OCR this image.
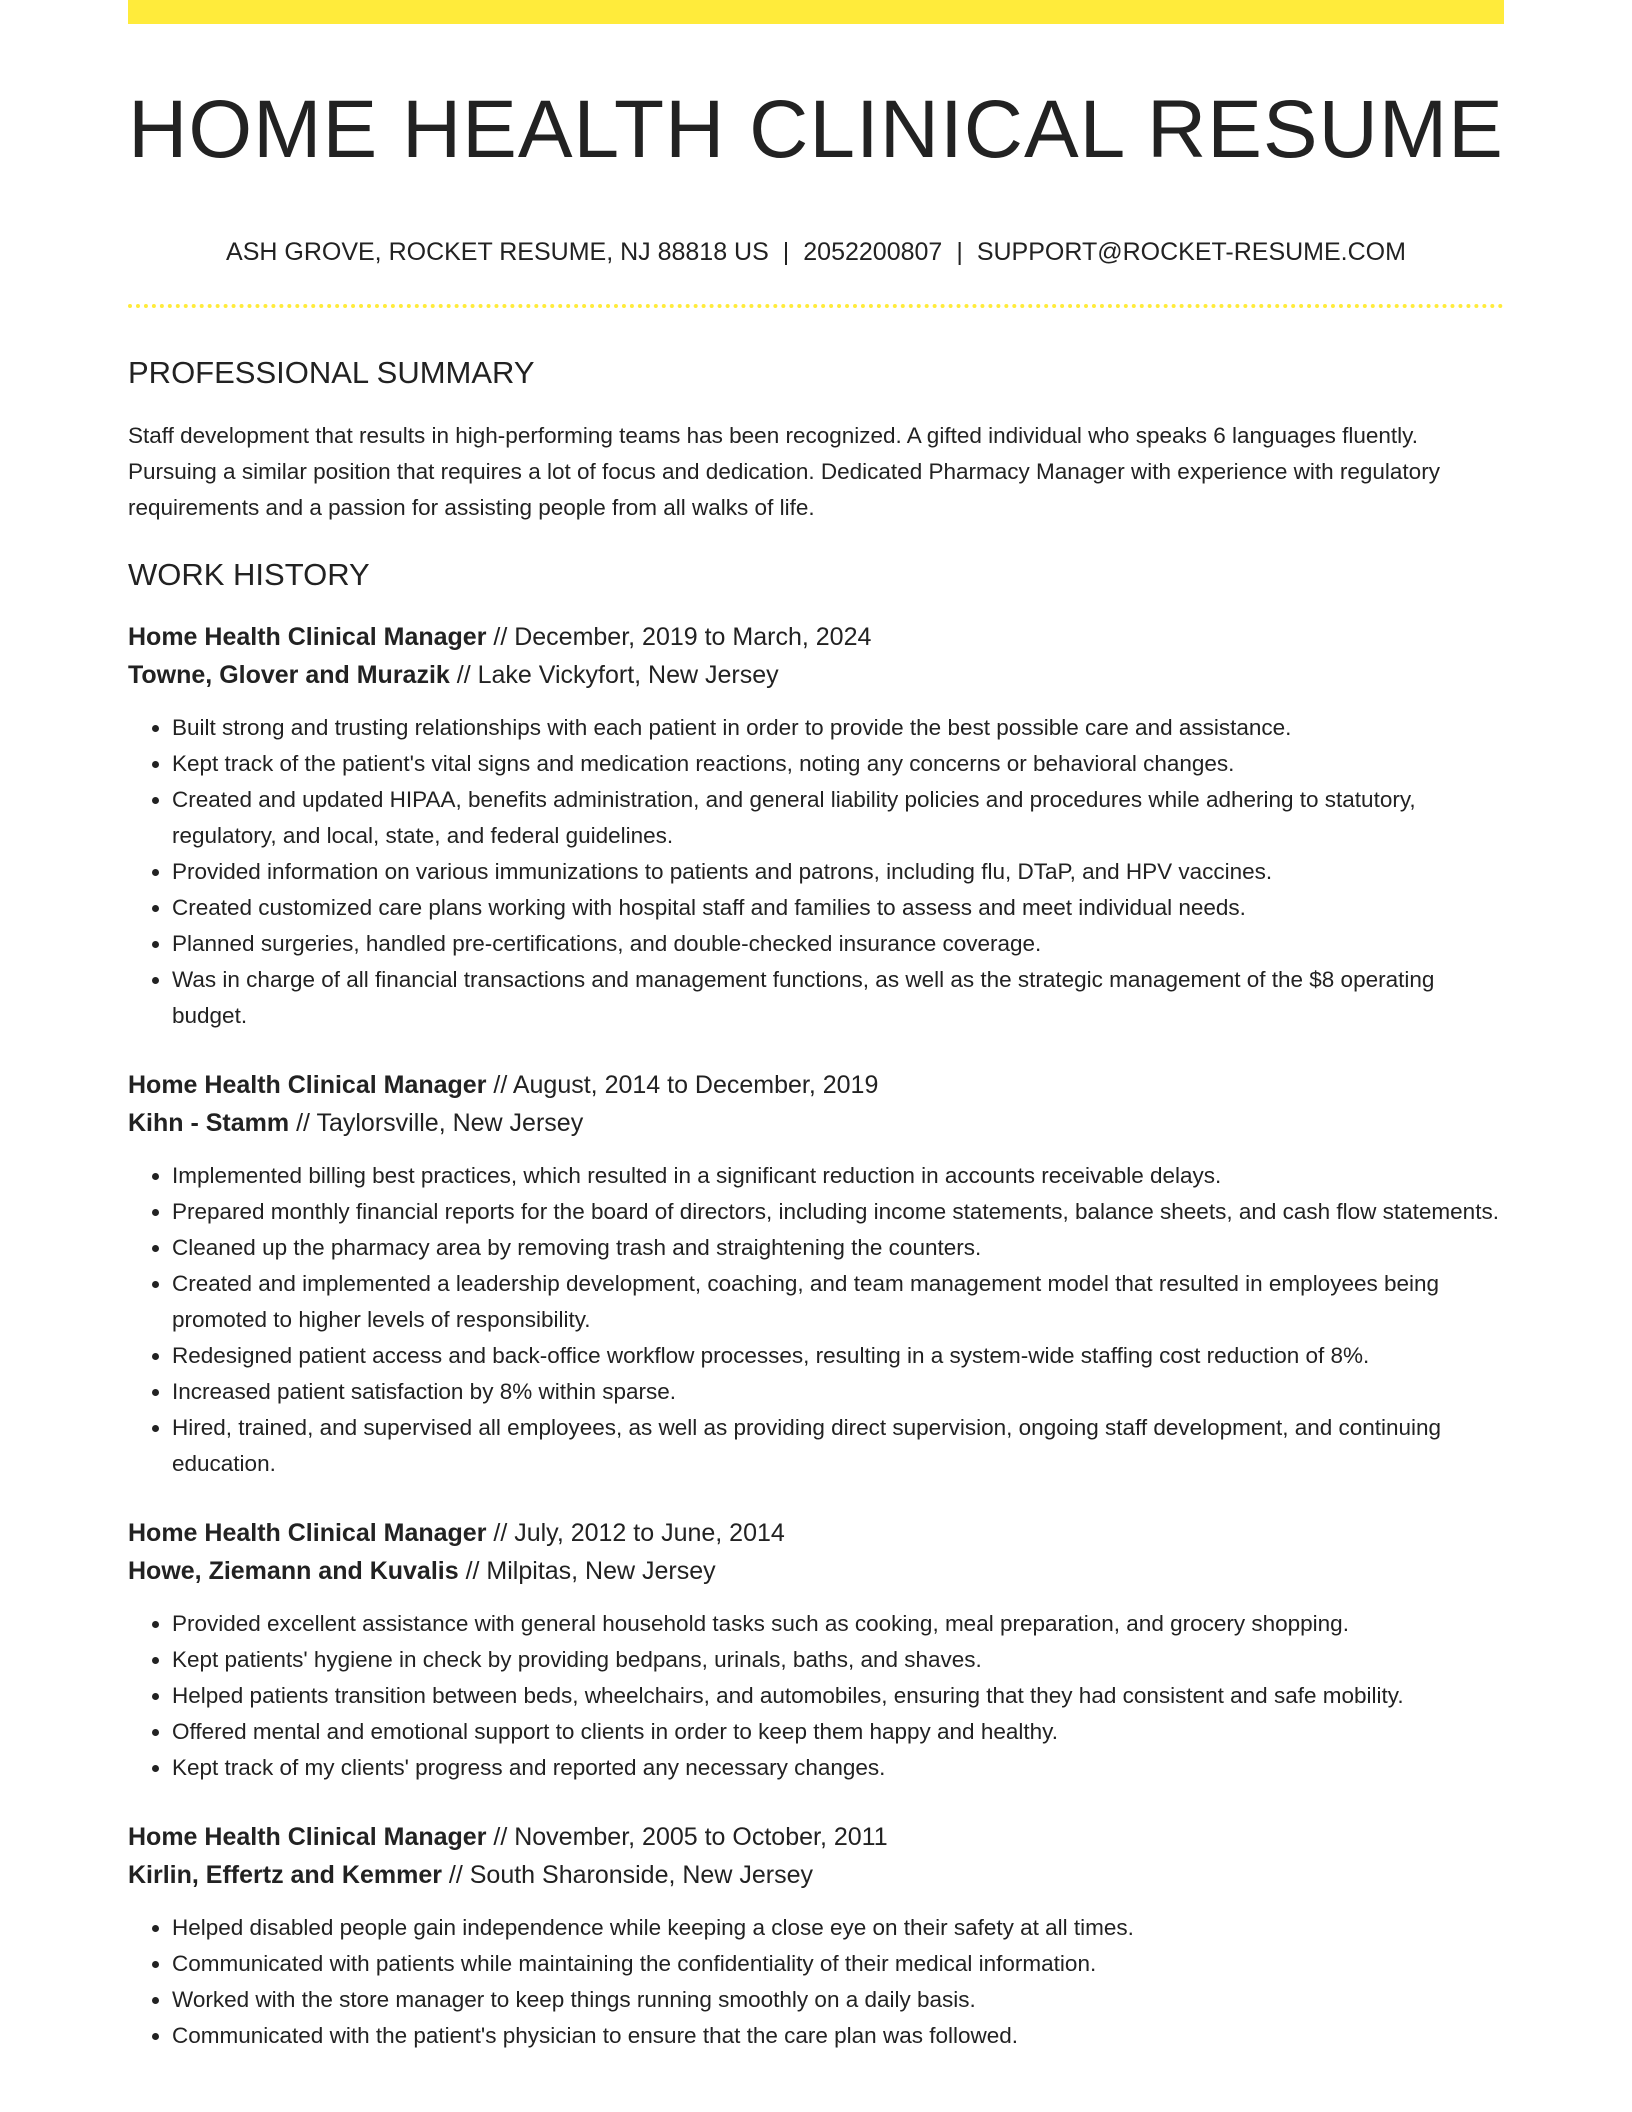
HOME HEALTH CLINICAL RESUME
ASH GROVE, ROCKET RESUME, NJ 88818 US | 2052200807 | SUPPORT@ROCKET-RESUME.COM
PROFESSIONAL SUMMARY

Staff development that results in high-performing teams has been recognized. A gifted individual who speaks 6 languages fluently. Pursuing a similar position that requires a lot of focus and dedication. Dedicated Pharmacy Manager with experience with regulatory requirements and a passion for assisting people from all walks of life.

WORK HISTORY
Home Health Clinical Manager // December, 2019 to March, 2024
Towne, Glover and Murazik // Lake Vickyfort, New Jersey
• Built strong and trusting relationships with each patient in order to provide the best possible care and assistance.
• Kept track of the patient's vital signs and medication reactions, noting any concerns or behavioral changes.
• Created and updated HIPAA, benefits administration, and general liability policies and procedures while adhering to statutory, regulatory, and local, state, and federal guidelines.
• Provided information on various immunizations to patients and patrons, including flu, DTaP, and HPV vaccines.
• Created customized care plans working with hospital staff and families to assess and meet individual needs.
• Planned surgeries, handled pre-certifications, and double-checked insurance coverage.
• Was in charge of all financial transactions and management functions, as well as the strategic management of the $8 operating budget.
Home Health Clinical Manager // August, 2014 to December, 2019
Kihn - Stamm // Taylorsville, New Jersey
• Implemented billing best practices, which resulted in a significant reduction in accounts receivable delays.
• Prepared monthly financial reports for the board of directors, including income statements, balance sheets, and cash flow statements.
• Cleaned up the pharmacy area by removing trash and straightening the counters.
• Created and implemented a leadership development, coaching, and team management model that resulted in employees being promoted to higher levels of responsibility.
• Redesigned patient access and back-office workflow processes, resulting in a system-wide staffing cost reduction of 8%.
• Increased patient satisfaction by 8% within sparse.
• Hired, trained, and supervised all employees, as well as providing direct supervision, ongoing staff development, and continuing education.
Home Health Clinical Manager // July, 2012 to June, 2014
Howe, Ziemann and Kuvalis // Milpitas, New Jersey
• Provided excellent assistance with general household tasks such as cooking, meal preparation, and grocery shopping.
• Kept patients' hygiene in check by providing bedpans, urinals, baths, and shaves.
• Helped patients transition between beds, wheelchairs, and automobiles, ensuring that they had consistent and safe mobility.
• Offered mental and emotional support to clients in order to keep them happy and healthy.
• Kept track of my clients' progress and reported any necessary changes.
Home Health Clinical Manager // November, 2005 to October, 2011
Kirlin, Effertz and Kemmer // South Sharonside, New Jersey
• Helped disabled people gain independence while keeping a close eye on their safety at all times.
• Communicated with patients while maintaining the confidentiality of their medical information.
• Worked with the store manager to keep things running smoothly on a daily basis.
• Communicated with the patient's physician to ensure that the care plan was followed.
